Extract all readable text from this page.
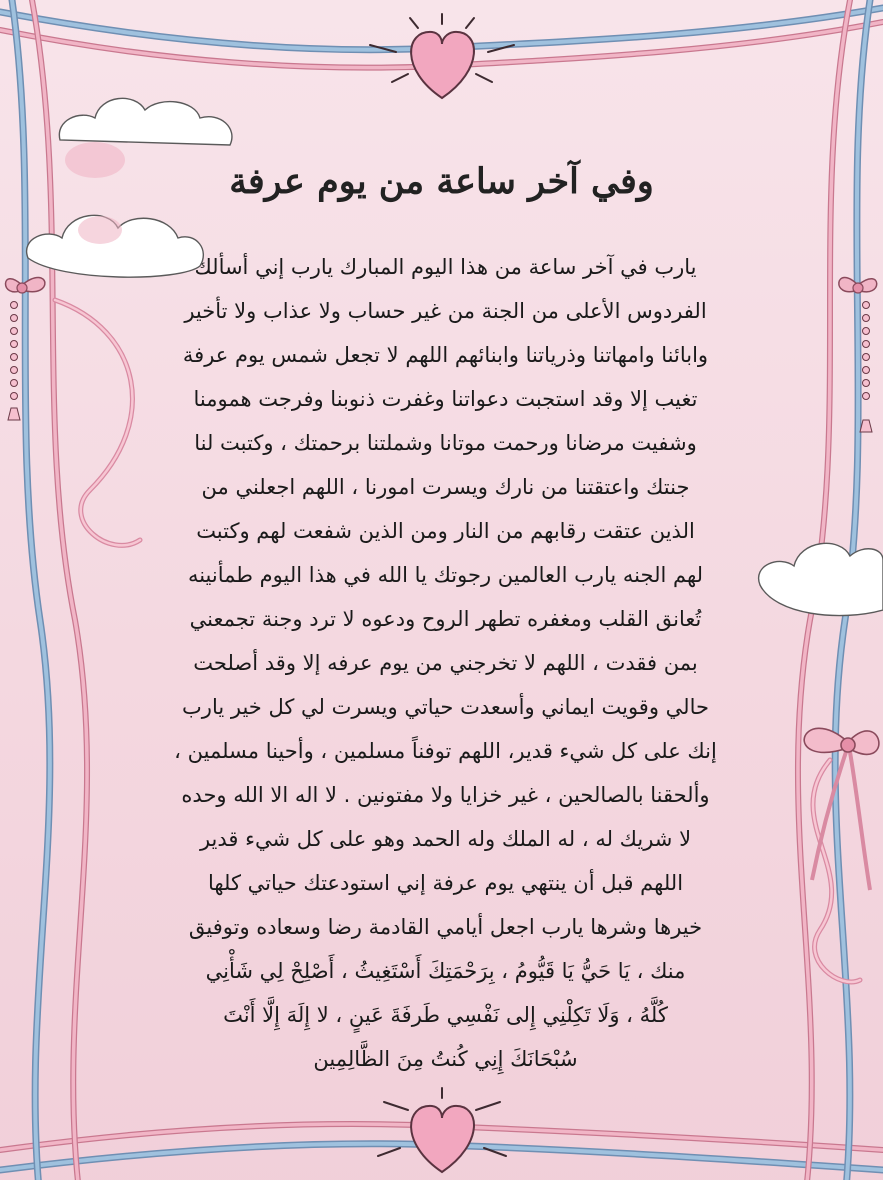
وفي آخر ساعة من يوم عرفة
يارب في آخر ساعة من هذا اليوم المبارك يارب إني أسألك
الفردوس الأعلى من الجنة من غير حساب ولا عذاب ولا تأخير
وابائنا وامهاتنا وذرياتنا وابنائهم اللهم لا تجعل شمس يوم عرفة
تغيب إلا وقد استجبت دعواتنا وغفرت ذنوبنا وفرجت همومنا
وشفيت مرضانا ورحمت موتانا وشملتنا برحمتك ، وكتبت لنا
جنتك واعتقتنا من نارك ويسرت امورنا ، اللهم اجعلني من
الذين عتقت رقابهم من النار ومن الذين شفعت لهم وكتبت
لهم الجنه يارب العالمين رجوتك يا الله في هذا اليوم طمأنينه
تُعانق القلب ومغفره تطهر الروح ودعوه لا ترد وجنة تجمعني
بمن فقدت ، اللهم لا تخرجني من يوم عرفه إلا وقد أصلحت
حالي وقويت ايماني وأسعدت حياتي ويسرت لي كل خير يارب
إنك على كل شيء قدير، اللهم توفناً مسلمين ، وأحينا مسلمين ،
وألحقنا بالصالحين ، غير خزايا ولا مفتونين . لا اله الا الله وحده
لا شريك له ، له الملك وله الحمد وهو على كل شيء قدير
اللهم قبل أن ينتهي يوم عرفة إني استودعتك حياتي كلها
خيرها وشرها يارب اجعل أيامي القادمة رضا وسعاده وتوفيق
منك ، يَا حَيُّ يَا قَيُّومُ ، بِرَحْمَتِكَ أَسْتَغِيثُ ، أَصْلِحْ لِي شَأْنِي
كُلَّهُ ، وَلَا تَكِلْنِي إِلى نَفْسِي طَرفَةَ عَينٍ ، لا إِلَهَ إِلَّا أَنْتَ
سُبْحَانَكَ إِنِي كُنتُ مِنَ الظَّالِمِين
